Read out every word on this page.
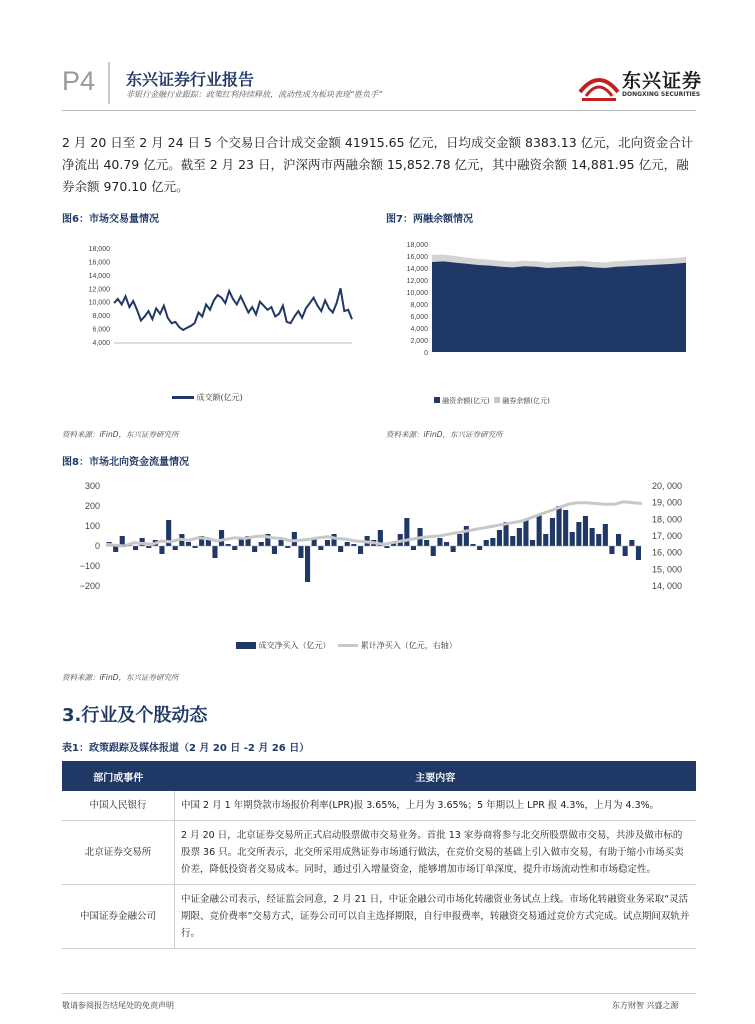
P4 东兴证券行业报告
非银行金融行业跟踪：政策红利持续释放，流动性成为板块表现“胜负手”
东兴证券
DONGXING SECURITIES
2 月 20 日至 2 月 24 日 5 个交易日合计成交金额 41915.65 亿元，日均成交金额 8383.13 亿元，北向资金合计净流出 40.79 亿元。截至 2 月 23 日，沪深两市两融余额 15,852.78 亿元，其中融资余额 14,881.95 亿元，融券余额 970.10 亿元。
图6：市场交易量情况
18,000
16,000
14,000
12,000
10,000
8,000
6,000
4,000
成交额(亿元)
资料来源：iFinD，东兴证券研究所
图7：两融余额情况
18,000
16,000
14,000
12,000
10,000
8,000
6,000
4,000
2,000
0
融资余额(亿元) 融券余额(亿元)
资料来源：iFinD，东兴证券研究所
图8：市场北向资金流量情况
300
200
100
0
−100
−200
20, 000
19, 000
18, 000
17, 000
16, 000
15, 000
14, 000
成交净买入（亿元）	累计净买入（亿元，右轴）
资料来源：iFinD，东兴证券研究所
3.行业及个股动态
表1：政策跟踪及媒体报道（2 月 20 日 -2 月 26 日）
部门或事件	主要内容
中国人民银行	中国 2 月 1 年期贷款市场报价利率(LPR)报 3.65%，上月为 3.65%；5 年期以上 LPR 报 4.3%，上月为 4.3%。
北京证券交易所	2 月 20 日，北京证券交易所正式启动股票做市交易业务。首批 13 家券商将参与北交所股票做市交易，共涉及做市标的股票 36 只。北交所表示，北交所采用成熟证券市场通行做法，在竞价交易的基础上引入做市交易，有助于缩小市场买卖价差，降低投资者交易成本。同时，通过引入增量资金，能够增加市场订单深度，提升市场流动性和市场稳定性。
中国证券金融公司	中证金融公司表示，经证监会同意，2 月 21 日，中证金融公司市场化转融资业务试点上线。市场化转融资业务采取“灵活期限、竞价费率”交易方式，证券公司可以自主选择期限，自行申报费率，转融资交易通过竞价方式完成。试点期间双轨并行。
敬请参阅报告结尾处的免责声明	东方财智 兴盛之源
